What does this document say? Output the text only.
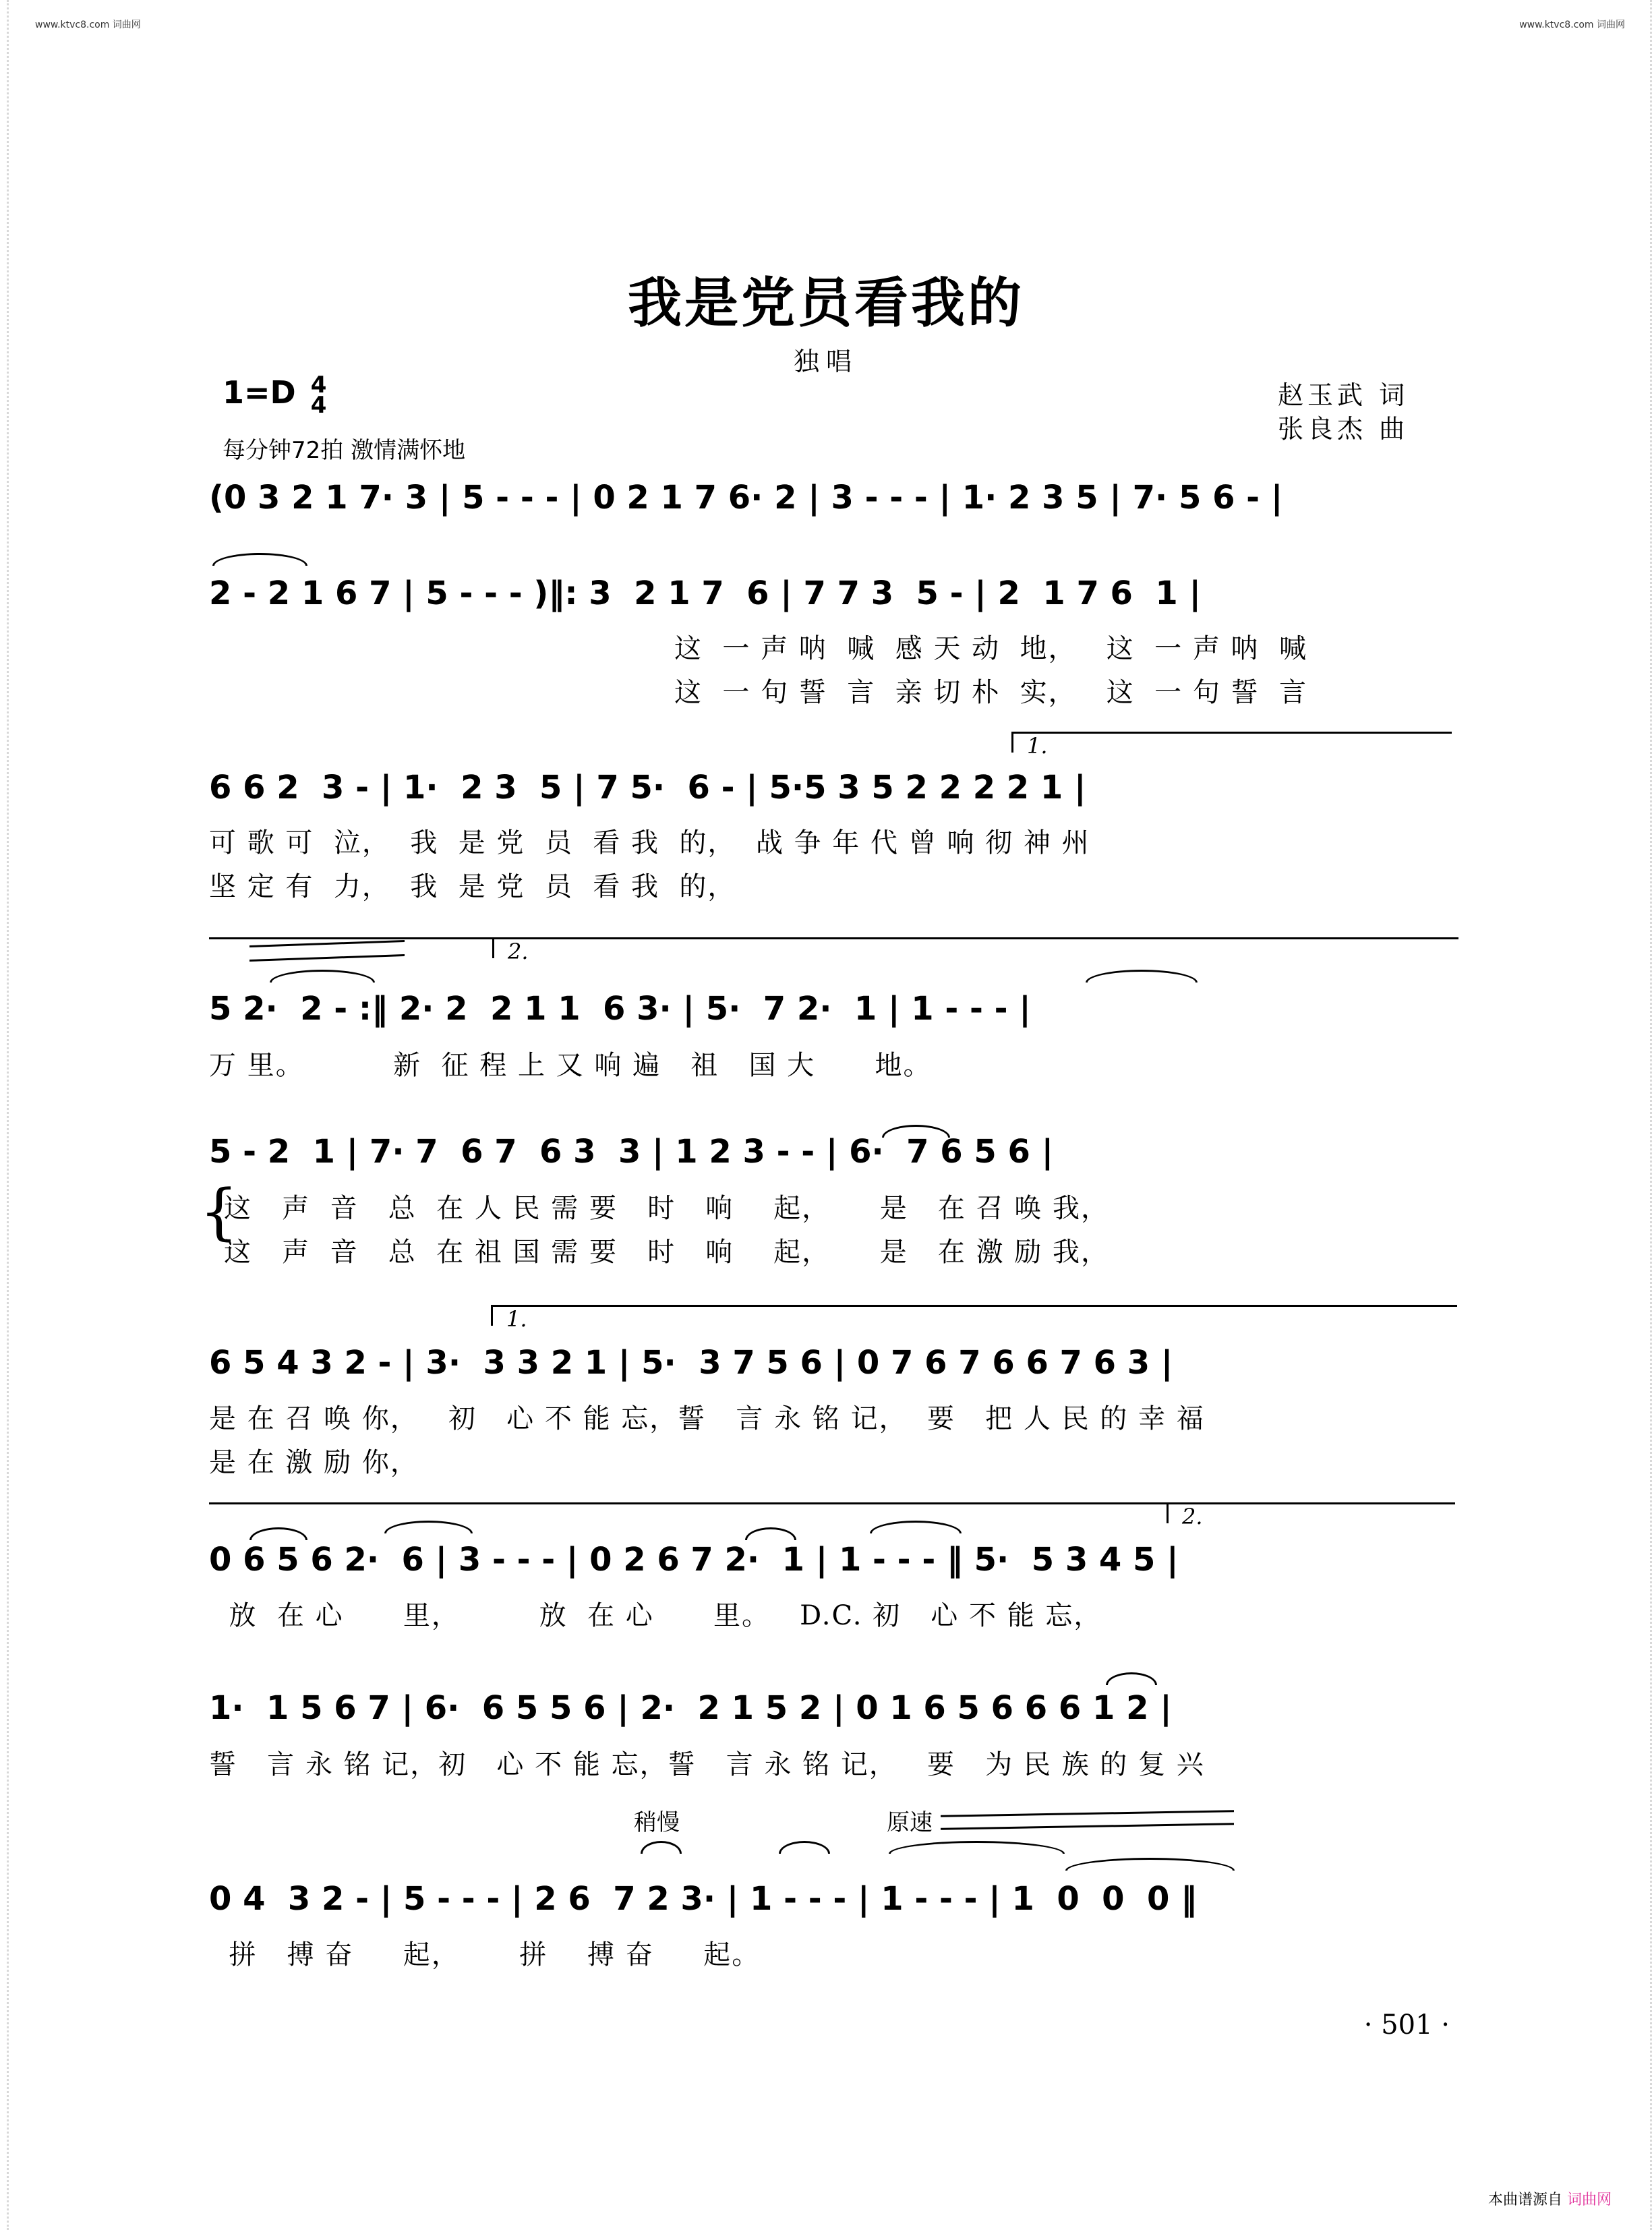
www.ktvc8.com 词曲网	www.ktvc8.com 词曲网
我是党员看我的
独唱
1=D 4
4
每分钟72拍 激情满怀地
赵玉武 词
张良杰 曲
(0 3 2 1 7· 3 | 5 - - - | 0 2 1 7 6· 2 | 3 - - - | 1· 2 3 5 | 7· 5 6 - |
2 - 2 1 6 7 | 5 - - - )‖: 3  2 1 7  6 | 7 7 3  5 - | 2  1 7 6  1 |
这  一 声 呐  喊  感 天 动  地，   这  一 声 呐  喊
这  一 句 誓  言  亲 切 朴  实，   这  一 句 誓  言
1.
6 6 2  3 - | 1·  2 3  5 | 7 5·  6 - | 5·5 3 5 2 2 2 2 1 |
可 歌 可  泣，  我  是 党  员  看 我  的，  战 争 年 代 曾 响 彻 神 州
坚 定 有  力，  我  是 党  员  看 我  的，
2.
5 2·  2 - :‖ 2· 2  2 1 1  6 3· | 5·  7 2·  1 | 1 - - - |
万 里。         新  征 程 上 又 响 遍   祖   国 大      地。
5 - 2  1 | 7· 7  6 7  6 3  3 | 1 2 3 - - | 6·  7 6 5 6 |
{
这   声  音   总  在 人 民 需 要   时   响    起，     是   在 召 唤 我，
这   声  音   总  在 祖 国 需 要   时   响    起，     是   在 激 励 我，
1.
6 5 4 3 2 - | 3·  3 3 2 1 | 5·  3 7 5 6 | 0 7 6 7 6 6 7 6 3 |
是 在 召 唤 你，   初   心 不 能 忘，誓   言 永 铭 记，  要   把 人 民 的 幸 福
是 在 激 励 你，
2.
0 6 5 6 2·  6 | 3 - - - | 0 2 6 7 2·  1 | 1 - - - ‖ 5·  5 3 4 5 |
放  在 心      里，        放  在 心      里。   D.C. 初   心 不 能 忘，
1·  1 5 6 7 | 6·  6 5 5 6 | 2·  2 1 5 2 | 0 1 6 5 6 6 6 1 2 |
誓   言 永 铭 记，初   心 不 能 忘，誓   言 永 铭 记，   要   为 民 族 的 复 兴
稍慢	原速
0 4  3 2 - | 5 - - - | 2 6  7 2 3· | 1 - - - | 1 - - - | 1  0  0  0 ‖
拼   搏 奋     起，      拼    搏 奋     起。
· 501 ·
本曲谱源自 词曲网
